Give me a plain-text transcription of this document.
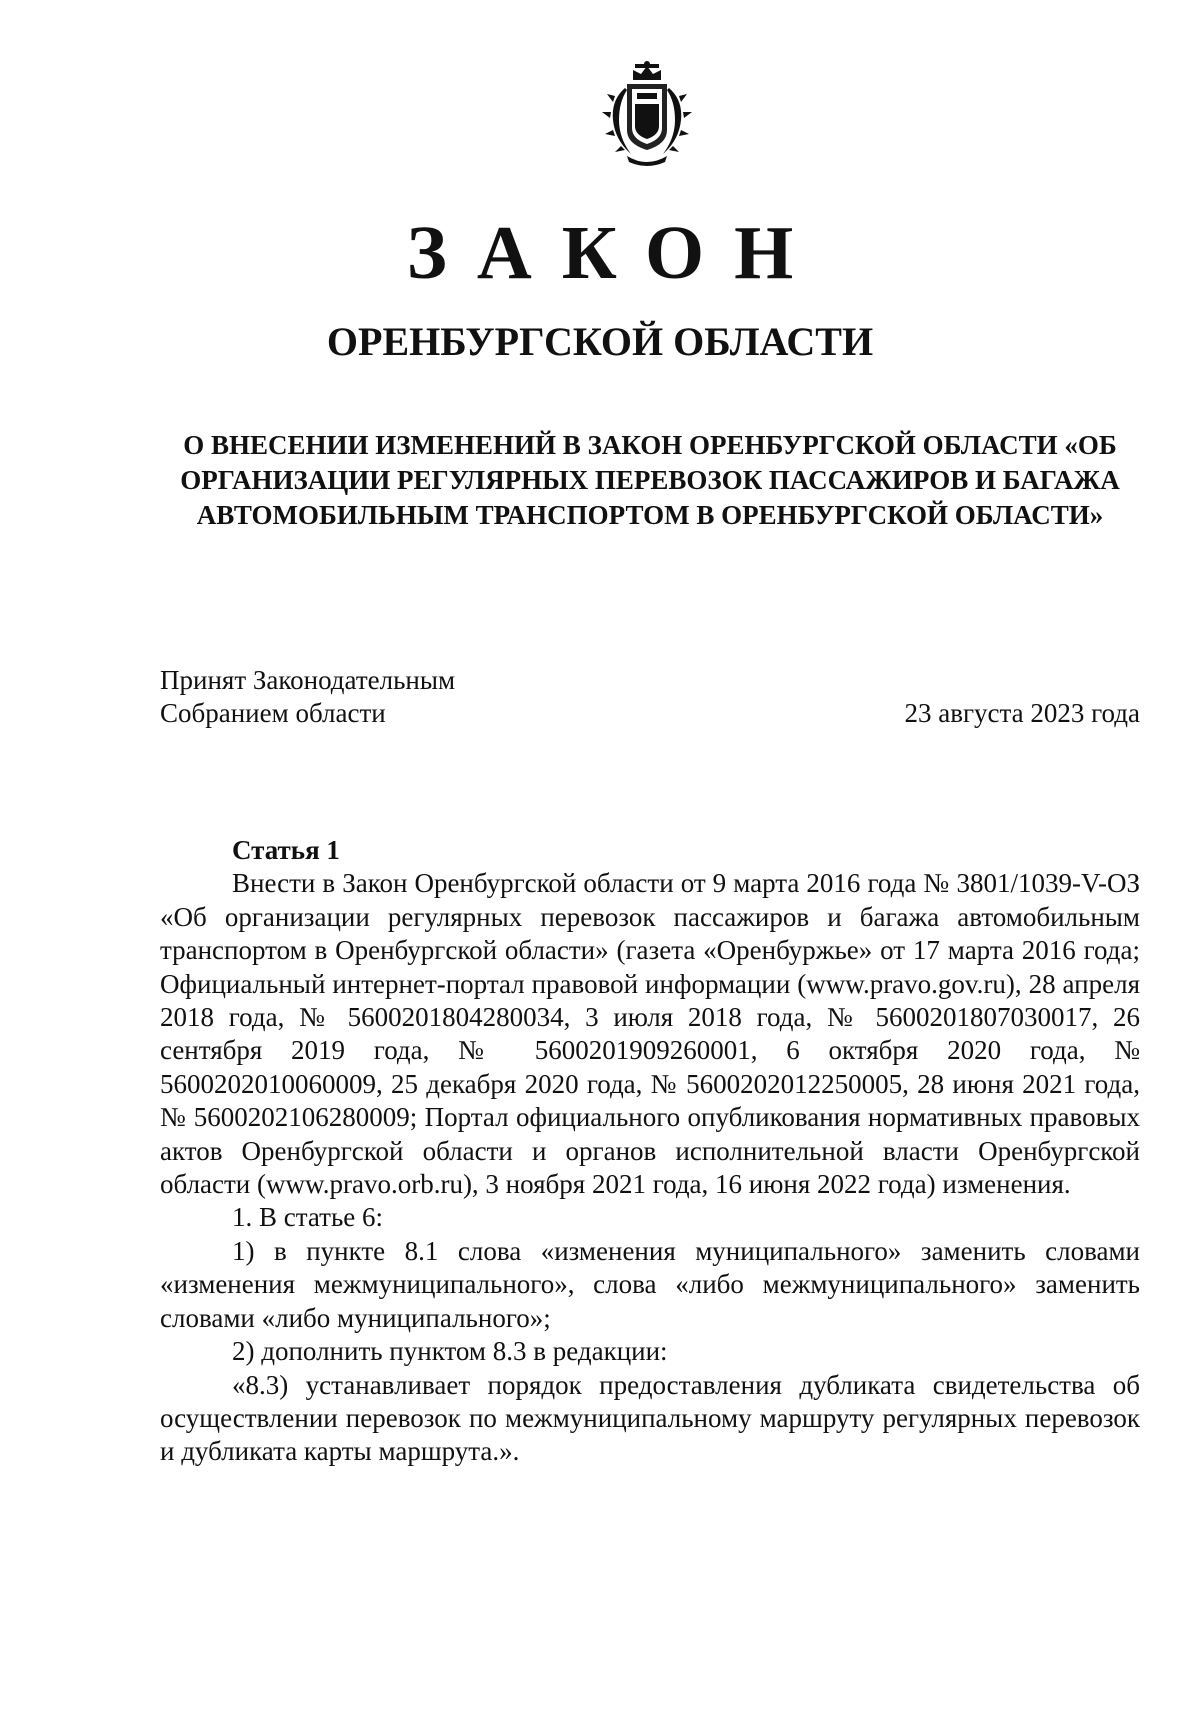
ЗАКОН
ОРЕНБУРГСКОЙ ОБЛАСТИ
О ВНЕСЕНИИ ИЗМЕНЕНИЙ В ЗАКОН ОРЕНБУРГСКОЙ ОБЛАСТИ «ОБ ОРГАНИЗАЦИИ РЕГУЛЯРНЫХ ПЕРЕВОЗОК ПАССАЖИРОВ И БАГАЖА АВТОМОБИЛЬНЫМ ТРАНСПОРТОМ В ОРЕНБУРГСКОЙ ОБЛАСТИ»
Принят Законодательным
Собранием области	23 августа 2023 года
Статья 1

Внести в Закон Оренбургской области от 9 марта 2016 года № 3801/1039-V-ОЗ «Об организации регулярных перевозок пассажиров и багажа автомобильным транспортом в Оренбургской области» (газета «Оренбуржье» от 17 марта 2016 года; Официальный интернет-портал правовой информации (www.pravo.gov.ru), 28 апреля 2018 года, № 5600201804280034, 3 июля 2018 года, № 5600201807030017, 26 сентября 2019 года, № 5600201909260001, 6 октября 2020 года, № 5600202010060009, 25 декабря 2020 года, № 5600202012250005, 28 июня 2021 года, № 5600202106280009; Портал официального опубликования нормативных правовых актов Оренбургской области и органов исполнительной власти Оренбургской области (www.pravo.orb.ru), 3 ноября 2021 года, 16 июня 2022 года) изменения.

1. В статье 6:

1) в пункте 8.1 слова «изменения муниципального» заменить словами «изменения межмуниципального», слова «либо межмуниципального» заменить словами «либо муниципального»;

2) дополнить пунктом 8.3 в редакции:

«8.3) устанавливает порядок предоставления дубликата свидетельства об осуществлении перевозок по межмуниципальному маршруту регулярных перевозок и дубликата карты маршрута.».
